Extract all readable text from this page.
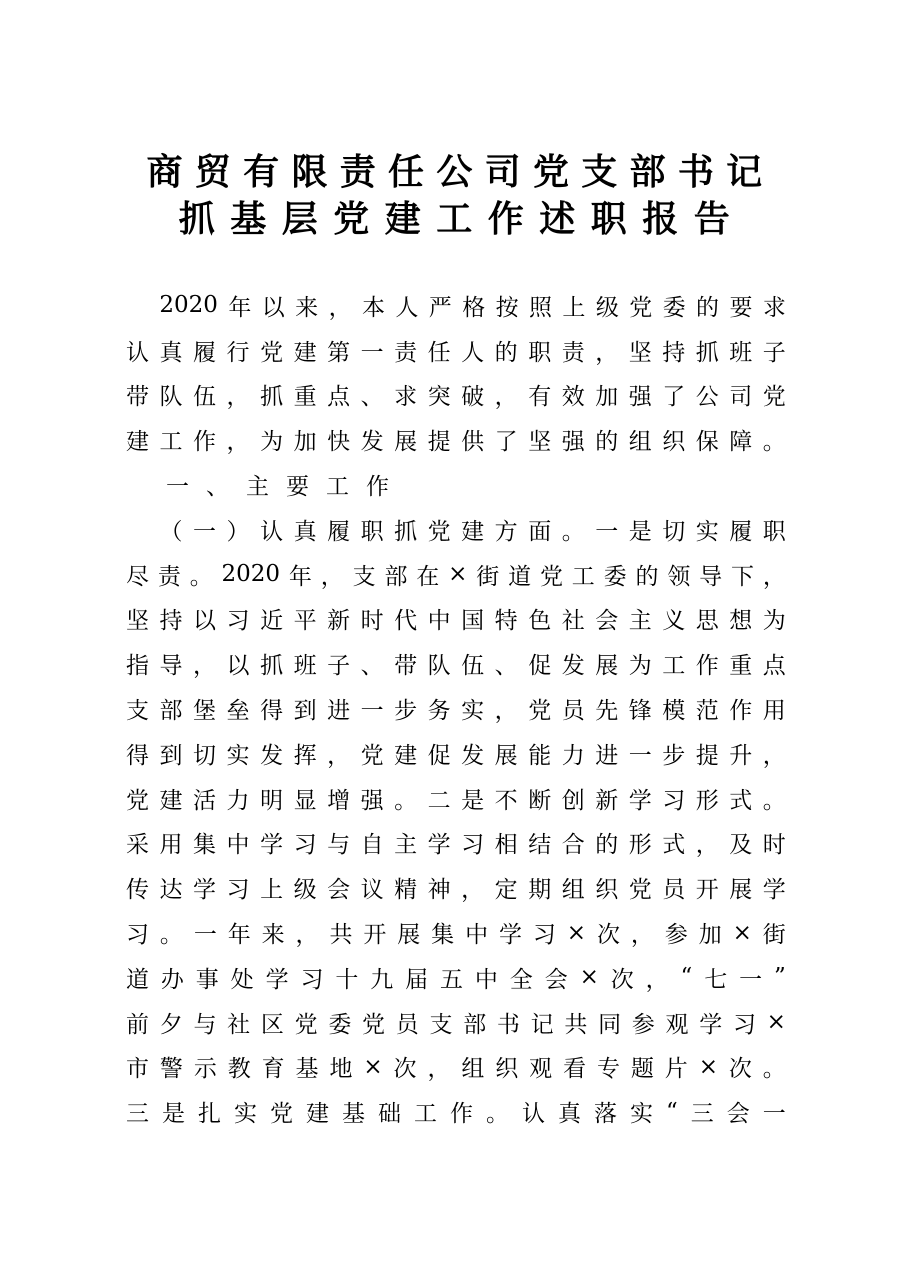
商贸有限责任公司党支部书记
抓基层党建工作述职报告

2020 年 以 来 ， 本 人 严 格 按 照 上 级 党 委 的 要 求
认 真 履 行 党 建 第 一 责 任 人 的 职 责 ， 坚 持 抓 班 子
带 队 伍 ， 抓 重 点 、 求 突 破 ， 有 效 加 强 了 公 司 党
建 工 作 ， 为 加 快 发 展 提 供 了 坚 强 的 组 织 保 障 。

一 、 主 要 工 作

（ 一 ） 认 真 履 职 抓 党 建 方 面 。 一 是 切 实 履 职
尽 责 。 2020 年 ， 支 部 在 × 街 道 党 工 委 的 领 导 下 ，
坚 持 以 习 近 平 新 时 代 中 国 特 色 社 会 主 义 思 想 为
指 导 ， 以 抓 班 子 、 带 队 伍 、 促 发 展 为 工 作 重 点
支 部 堡 垒 得 到 进 一 步 务 实 ， 党 员 先 锋 模 范 作 用
得 到 切 实 发 挥 ， 党 建 促 发 展 能 力 进 一 步 提 升 ，
党 建 活 力 明 显 增 强 。 二 是 不 断 创 新 学 习 形 式 。
采 用 集 中 学 习 与 自 主 学 习 相 结 合 的 形 式 ， 及 时
传 达 学 习 上 级 会 议 精 神 ， 定 期 组 织 党 员 开 展 学
习 。 一 年 来 ， 共 开 展 集 中 学 习 × 次 ， 参 加 × 街
道 办 事 处 学 习 十 九 届 五 中 全 会 × 次 ， “ 七 一 ”
前 夕 与 社 区 党 委 党 员 支 部 书 记 共 同 参 观 学 习 ×
市 警 示 教 育 基 地 × 次 ， 组 织 观 看 专 题 片 × 次 。
三 是 扎 实 党 建 基 础 工 作 。 认 真 落 实 “ 三 会 一
